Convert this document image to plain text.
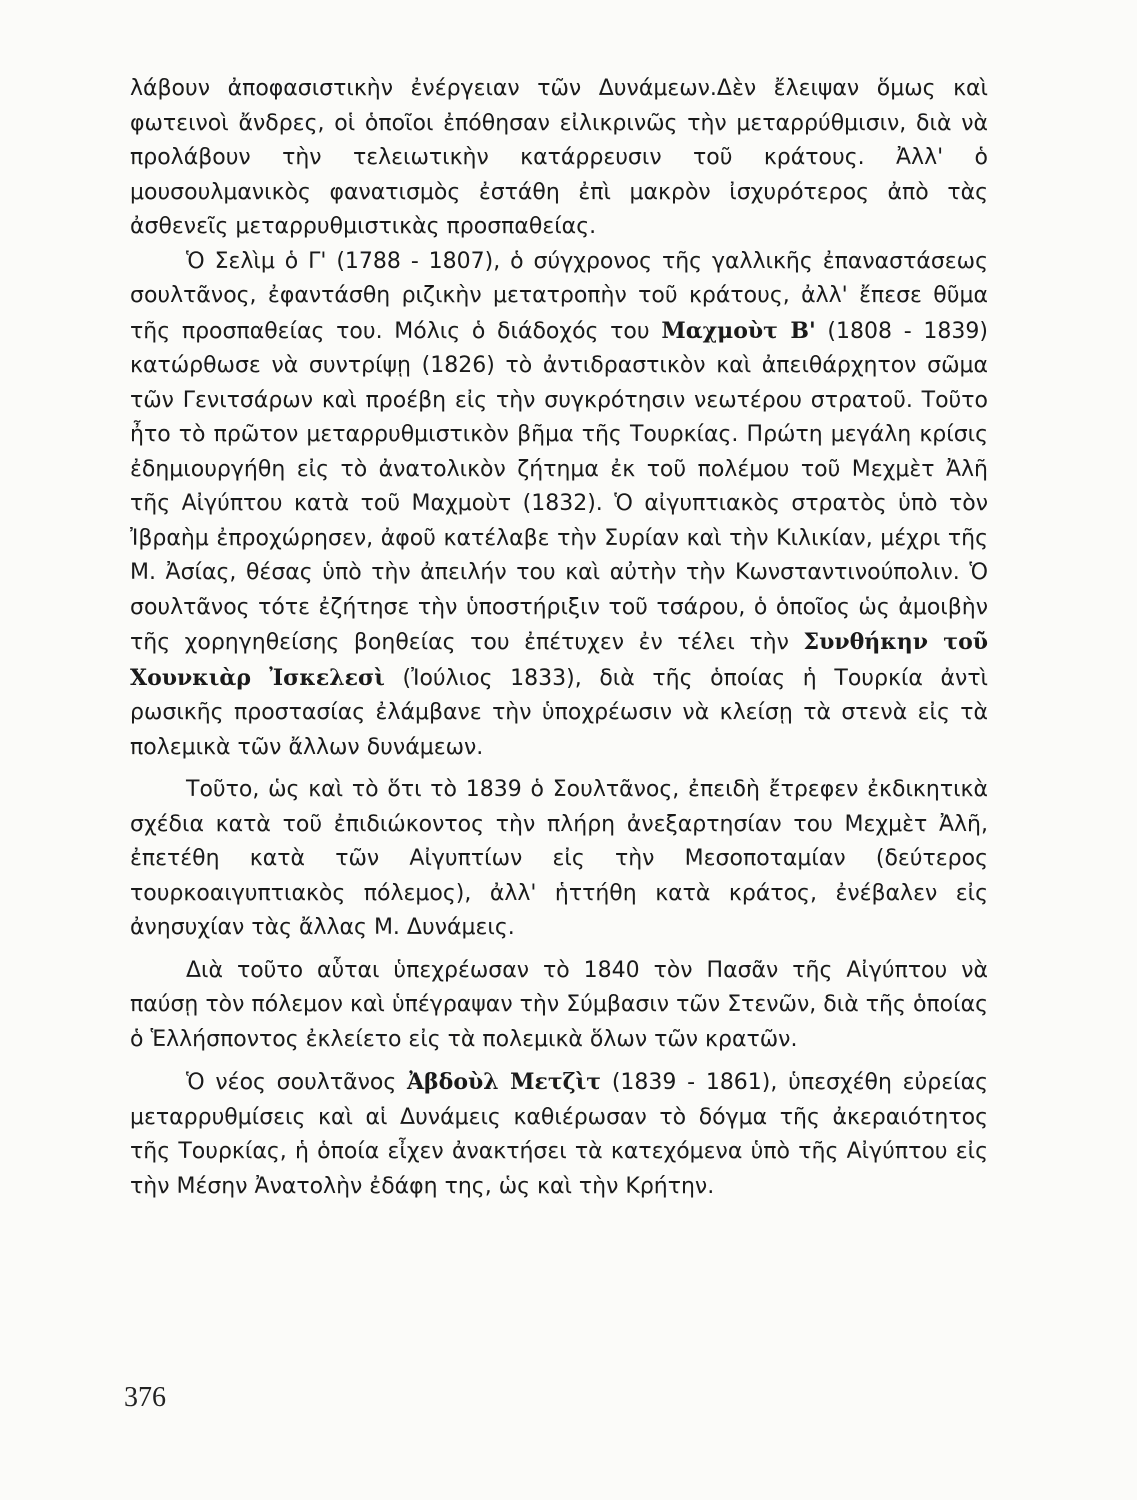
λάβουν ἀποφασιστικὴν ἐνέργειαν τῶν Δυνάμεων.Δὲν ἔλειψαν ὅμως καὶ φωτεινοὶ ἄνδρες, οἱ ὁποῖοι ἐπόθησαν εἰλικρινῶς τὴν μεταρρύθμισιν, διὰ νὰ προλάβουν τὴν τελειωτικὴν κατάρρευσιν τοῦ κράτους. Ἀλλ' ὁ μουσουλμανικὸς φανατισμὸς ἐστάθη ἐπὶ μακρὸν ἰσχυρότερος ἀπὸ τὰς ἀσθενεῖς μεταρρυθμιστικὰς προσπαθείας.

Ὁ Σελὶμ ὁ Γ' (1788 - 1807), ὁ σύγχρονος τῆς γαλλικῆς ἐπαναστάσεως σουλτᾶνος, ἐφαντάσθη ριζικὴν μετατροπὴν τοῦ κράτους, ἀλλ' ἔπεσε θῦμα τῆς προσπαθείας του. Μόλις ὁ διάδοχός του Μαχμοὺτ Β' (1808 - 1839) κατώρθωσε νὰ συντρίψῃ (1826) τὸ ἀντιδραστικὸν καὶ ἀπειθάρχητον σῶμα τῶν Γενιτσάρων καὶ προέβη εἰς τὴν συγκρότησιν νεωτέρου στρατοῦ. Τοῦτο ἦτο τὸ πρῶτον μεταρρυθμιστικὸν βῆμα τῆς Τουρκίας. Πρώτη μεγάλη κρίσις ἐδημιουργήθη εἰς τὸ ἀνατολικὸν ζήτημα ἐκ τοῦ πολέμου τοῦ Μεχμὲτ Ἀλῆ τῆς Αἰγύπτου κατὰ τοῦ Μαχμοὺτ (1832). Ὁ αἰγυπτιακὸς στρατὸς ὑπὸ τὸν Ἰβραὴμ ἐπροχώρησεν, ἀφοῦ κατέλαβε τὴν Συρίαν καὶ τὴν Κιλικίαν, μέχρι τῆς Μ. Ἀσίας, θέσας ὑπὸ τὴν ἀπειλήν του καὶ αὐτὴν τὴν Κωνσταντινούπολιν. Ὁ σουλτᾶνος τότε ἐζήτησε τὴν ὑποστήριξιν τοῦ τσάρου, ὁ ὁποῖος ὡς ἀμοιβὴν τῆς χορηγηθείσης βοηθείας του ἐπέτυχεν ἐν τέλει τὴν Συνθήκην τοῦ Χουνκιὰρ Ἰσκελεσὶ (Ἰούλιος 1833), διὰ τῆς ὁποίας ἡ Τουρκία ἀντὶ ρωσικῆς προστασίας ἐλάμβανε τὴν ὑποχρέωσιν νὰ κλείσῃ τὰ στενὰ εἰς τὰ πολεμικὰ τῶν ἄλλων δυνάμεων.

Τοῦτο, ὡς καὶ τὸ ὅτι τὸ 1839 ὁ Σουλτᾶνος, ἐπειδὴ ἔτρεφεν ἐκδικητικὰ σχέδια κατὰ τοῦ ἐπιδιώκοντος τὴν πλήρη ἀνεξαρτησίαν του Μεχμὲτ Ἀλῆ, ἐπετέθη κατὰ τῶν Αἰγυπτίων εἰς τὴν Μεσοποταμίαν (δεύτερος τουρκοαιγυπτιακὸς πόλεμος), ἀλλ' ἡττήθη κατὰ κράτος, ἐνέβαλεν εἰς ἀνησυχίαν τὰς ἄλλας Μ. Δυνάμεις.

Διὰ τοῦτο αὗται ὑπεχρέωσαν τὸ 1840 τὸν Πασᾶν τῆς Αἰγύπτου νὰ παύσῃ τὸν πόλεμον καὶ ὑπέγραψαν τὴν Σύμβασιν τῶν Στενῶν, διὰ τῆς ὁποίας ὁ Ἑλλήσποντος ἐκλείετο εἰς τὰ πολεμικὰ ὅλων τῶν κρατῶν.

Ὁ νέος σουλτᾶνος Ἀβδοὺλ Μετζὶτ (1839 - 1861), ὑπεσχέθη εὐρείας μεταρρυθμίσεις καὶ αἱ Δυνάμεις καθιέρωσαν τὸ δόγμα τῆς ἀκεραιότητος τῆς Τουρκίας, ἡ ὁποία εἶχεν ἀνακτήσει τὰ κατεχόμενα ὑπὸ τῆς Αἰγύπτου εἰς τὴν Μέσην Ἀνατολὴν ἐδάφη της, ὡς καὶ τὴν Κρήτην.

376
